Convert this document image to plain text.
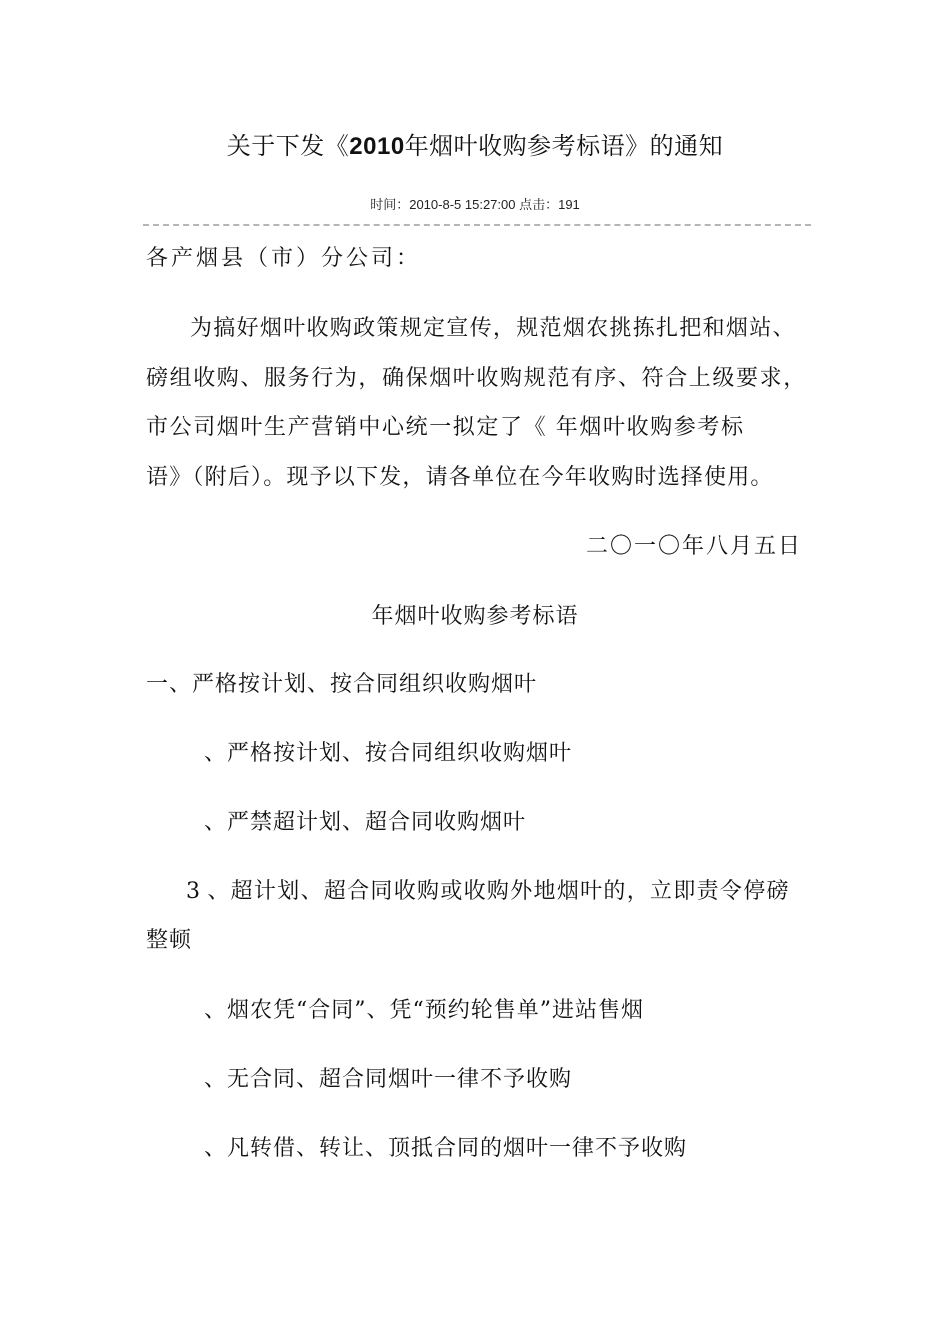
关于下发《2010年烟叶收购参考标语》的通知
时间：2010-8-5 15:27:00 点击：191
各产烟县（市）分公司：
为搞好烟叶收购政策规定宣传，规范烟农挑拣扎把和烟站、
磅组收购、服务行为，确保烟叶收购规范有序、符合上级要求，
市公司烟叶生产营销中心统一拟定了《 年烟叶收购参考标
语》（附后）。现予以下发，请各单位在今年收购时选择使用。
二〇一〇年八月五日
年烟叶收购参考标语
一、严格按计划、按合同组织收购烟叶
、严格按计划、按合同组织收购烟叶
、严禁超计划、超合同收购烟叶
3 、超计划、超合同收购或收购外地烟叶的，立即责令停磅
整顿
、烟农凭“合同”、凭“预约轮售单”进站售烟
、无合同、超合同烟叶一律不予收购
、凡转借、转让、顶抵合同的烟叶一律不予收购
